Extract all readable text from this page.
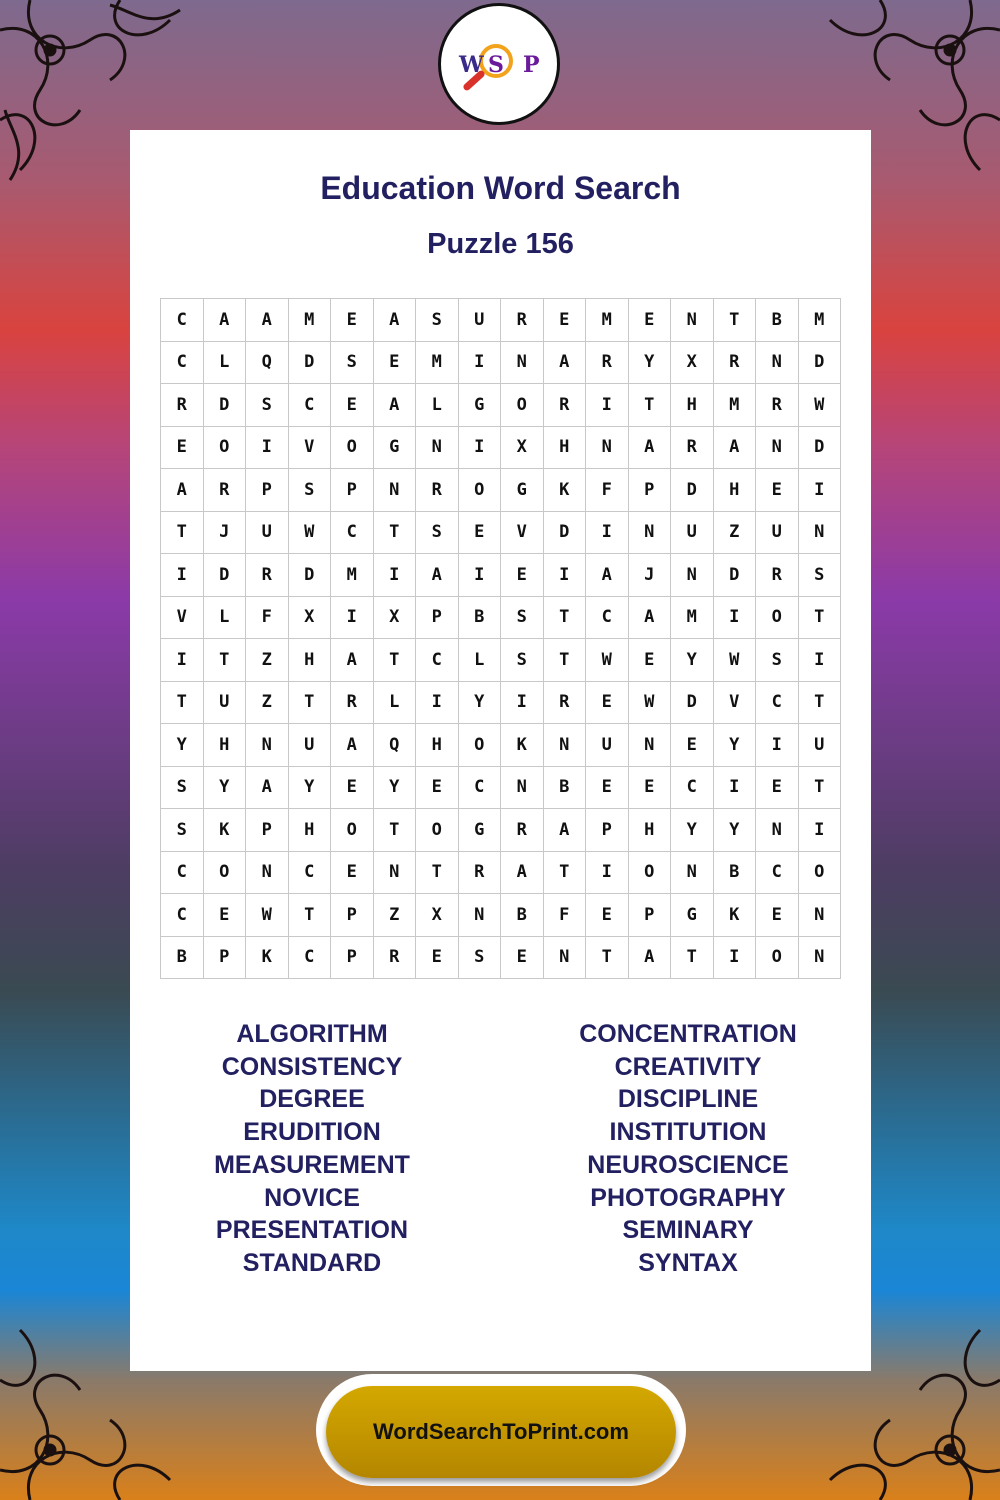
W S P
Education Word Search
Puzzle 156
C	A	A	M	E	A	S	U	R	E	M	E	N	T	B	M
C	L	Q	D	S	E	M	I	N	A	R	Y	X	R	N	D
R	D	S	C	E	A	L	G	O	R	I	T	H	M	R	W
E	O	I	V	O	G	N	I	X	H	N	A	R	A	N	D
A	R	P	S	P	N	R	O	G	K	F	P	D	H	E	I
T	J	U	W	C	T	S	E	V	D	I	N	U	Z	U	N
I	D	R	D	M	I	A	I	E	I	A	J	N	D	R	S
V	L	F	X	I	X	P	B	S	T	C	A	M	I	O	T
I	T	Z	H	A	T	C	L	S	T	W	E	Y	W	S	I
T	U	Z	T	R	L	I	Y	I	R	E	W	D	V	C	T
Y	H	N	U	A	Q	H	O	K	N	U	N	E	Y	I	U
S	Y	A	Y	E	Y	E	C	N	B	E	E	C	I	E	T
S	K	P	H	O	T	O	G	R	A	P	H	Y	Y	N	I
C	O	N	C	E	N	T	R	A	T	I	O	N	B	C	O
C	E	W	T	P	Z	X	N	B	F	E	P	G	K	E	N
B	P	K	C	P	R	E	S	E	N	T	A	T	I	O	N
ALGORITHM
CONSISTENCY
DEGREE
ERUDITION
MEASUREMENT
NOVICE
PRESENTATION
STANDARD
CONCENTRATION
CREATIVITY
DISCIPLINE
INSTITUTION
NEUROSCIENCE
PHOTOGRAPHY
SEMINARY
SYNTAX
WordSearchToPrint.com
